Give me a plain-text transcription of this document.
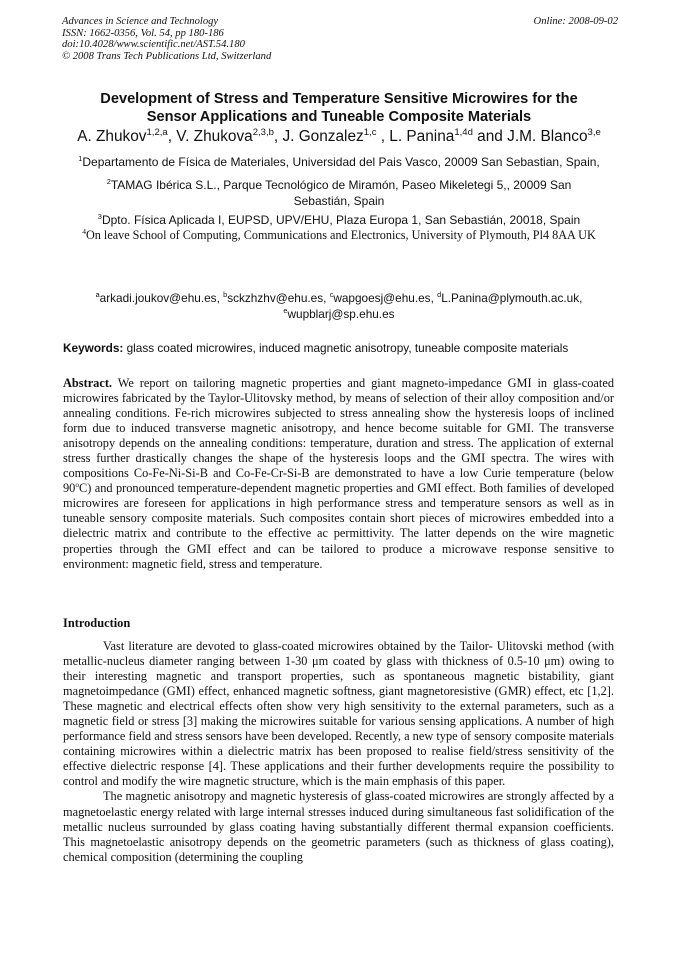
Advances in Science and Technology
ISSN: 1662-0356, Vol. 54, pp 180-186
doi:10.4028/www.scientific.net/AST.54.180
© 2008 Trans Tech Publications Ltd, Switzerland
Online: 2008-09-02
Development of Stress and Temperature Sensitive Microwires for the
Sensor Applications and Tuneable Composite Materials
A. Zhukov$^{1,2,a}$, V. Zhukova$^{2,3,b}$, J. Gonzalez$^{1,c}$ , L. Panina$^{1,4d}$ and J.M. Blanco$^{3,e}$
$^1$Departamento de Física de Materiales, Universidad del Pais Vasco, 20009 San Sebastian, Spain,
$^2$TAMAG Ibérica S.L., Parque Tecnológico de Miramón, Paseo Mikeletegi 5,, 20009 San
Sebastián, Spain
$^3$Dpto. Física Aplicada I, EUPSD, UPV/EHU, Plaza Europa 1, San Sebastián, 20018, Spain
$^4$On leave School of Computing, Communications and Electronics, University of Plymouth, Pl4 8AA UK
$^a$arkadi.joukov@ehu.es, $^b$sckzhzhv@ehu.es, $^c$wapgoesj@ehu.es, $^d$L.Panina@plymouth.ac.uk,
$^e$wupblarj@sp.ehu.es
Keywords: glass coated microwires, induced magnetic anisotropy, tuneable composite materials

Abstract. We report on tailoring magnetic properties and giant magneto-impedance GMI in glass-coated microwires fabricated by the Taylor-Ulitovsky method, by means of selection of their alloy composition and/or annealing conditions. Fe-rich microwires subjected to stress annealing show the hysteresis loops of inclined form due to induced transverse magnetic anisotropy, and hence become suitable for GMI. The transverse anisotropy depends on the annealing conditions: temperature, duration and stress. The application of external stress further drastically changes the shape of the hysteresis loops and the GMI spectra. The wires with compositions Co-Fe-Ni-Si-B and Co-Fe-Cr-Si-B are demonstrated to have a low Curie temperature (below 90$^o$C) and pronounced temperature-dependent magnetic properties and GMI effect. Both families of developed microwires are foreseen for applications in high performance stress and temperature sensors as well as in tuneable sensory composite materials. Such composites contain short pieces of microwires embedded into a dielectric matrix and contribute to the effective ac permittivity. The latter depends on the wire magnetic properties through the GMI effect and can be tailored to produce a microwave response sensitive to environment: magnetic field, stress and temperature.

Introduction

Vast literature are devoted to glass-coated microwires obtained by the Tailor- Ulitovski method (with metallic-nucleus diameter ranging between 1-30 μm coated by glass with thickness of 0.5-10 μm) owing to their interesting magnetic and transport properties, such as spontaneous magnetic bistability, giant magnetoimpedance (GMI) effect, enhanced magnetic softness, giant magnetoresistive (GMR) effect, etc [1,2]. These magnetic and electrical effects often show very high sensitivity to the external parameters, such as a magnetic field or stress [3] making the microwires suitable for various sensing applications. A number of high performance field and stress sensors have been developed. Recently, a new type of sensory composite materials containing microwires within a dielectric matrix has been proposed to realise field/stress sensitivity of the effective dielectric response [4]. These applications and their further developments require the possibility to control and modify the wire magnetic structure, which is the main emphasis of this paper.

The magnetic anisotropy and magnetic hysteresis of glass-coated microwires are strongly affected by a magnetoelastic energy related with large internal stresses induced during simultaneous fast solidification of the metallic nucleus surrounded by glass coating having substantially different thermal expansion coefficients. This magnetoelastic anisotropy depends on the geometric parameters (such as thickness of glass coating), chemical composition (determining the coupling
